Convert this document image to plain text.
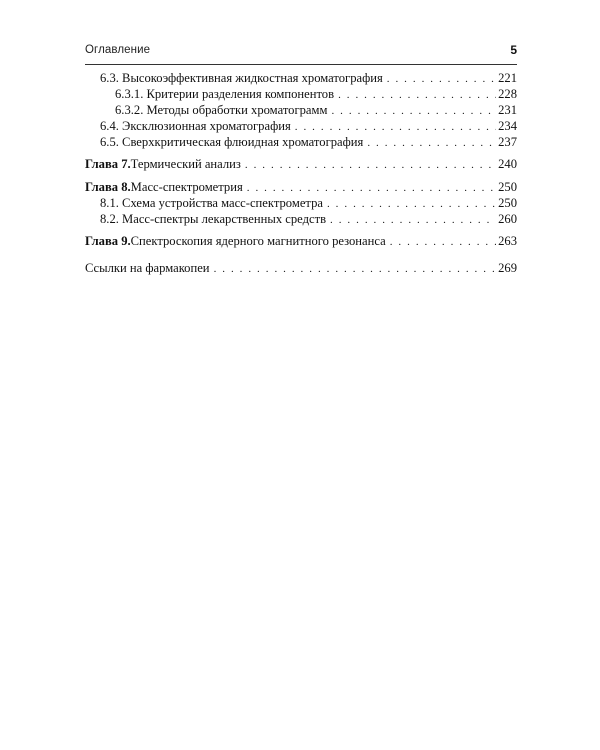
Оглавление	5
6.3. Высокоэффективная жидкостная хроматография . . .	221
6.3.1. Критерии разделения компонентов . . .	228
6.3.2. Методы обработки хроматограмм . . .	231
6.4. Эксклюзионная хроматография . . .	234
6.5. Сверхкритическая флюидная хроматография . . .	237
Глава 7. Термический анализ . . .	240
Глава 8. Масс-спектрометрия . . .	250
8.1. Схема устройства масс-спектрометра . . .	250
8.2. Масс-спектры лекарственных средств . . .	260
Глава 9. Спектроскопия ядерного магнитного резонанса . . .	263
Ссылки на фармакопеи . . .	269
